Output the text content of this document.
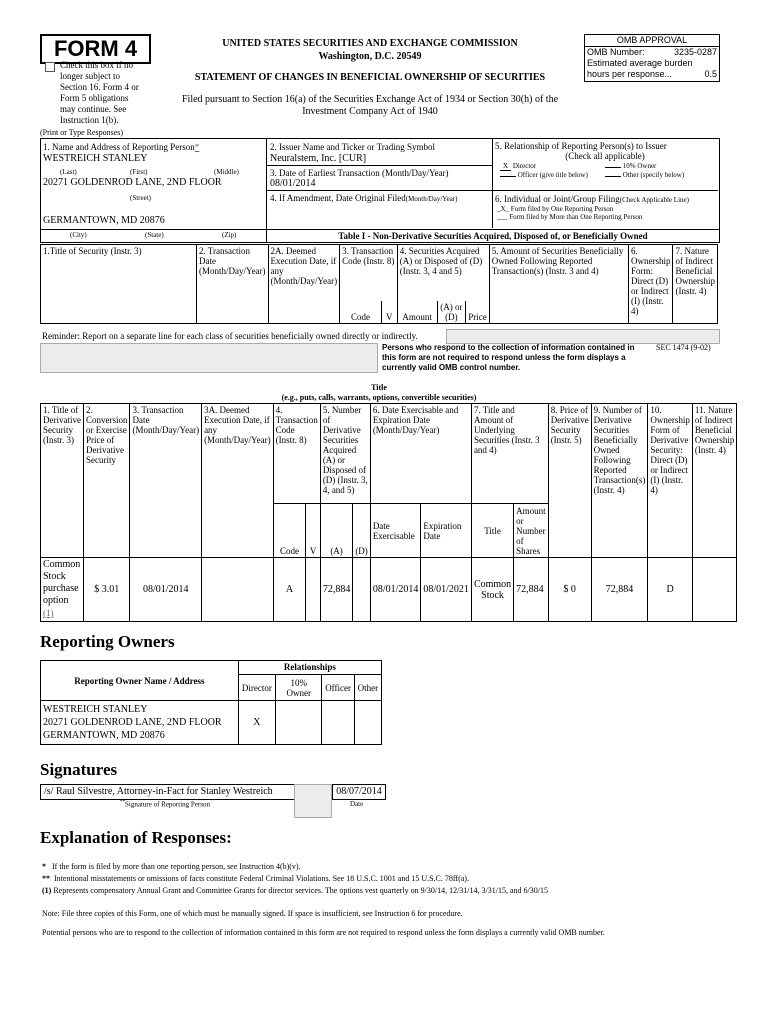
FORM 4
Check this box if no longer subject to Section 16. Form 4 or Form 5 obligations may continue. See Instruction 1(b).
UNITED STATES SECURITIES AND EXCHANGE COMMISSION
Washington, D.C. 20549
STATEMENT OF CHANGES IN BENEFICIAL OWNERSHIP OF SECURITIES
Filed pursuant to Section 16(a) of the Securities Exchange Act of 1934 or Section 30(h) of the
Investment Company Act of 1940
OMB APPROVAL
OMB Number:	3235-0287
Estimated average burden
hours per response...	0.5
(Print or Type Responses)
1. Name and Address of Reporting Person*
WESTREICH STANLEY
(Last)	(First)	(Middle)
20271 GOLDENROD LANE, 2ND FLOOR
(Street)
GERMANTOWN, MD 20876
2. Issuer Name and Ticker or Trading Symbol
Neuralstem, Inc. [CUR]
3. Date of Earliest Transaction (Month/Day/Year)
08/01/2014
4. If Amendment, Date Original Filed(Month/Day/Year)
5. Relationship of Reporting Person(s) to Issuer
(Check all applicable)
X Director	10% Owner
Officer (give title below)	Other (specify below)
6. Individual or Joint/Group Filing(Check Applicable Line)
_X_ Form filed by One Reporting Person
___ Form filed by More than One Reporting Person
(City)	(State)	(Zip)	Table I - Non-Derivative Securities Acquired, Disposed of, or Beneficially Owned
1.Title of Security (Instr. 3)	2. Transaction Date (Month/Day/Year)	2A. Deemed Execution Date, if any (Month/Day/Year)	3. Transaction Code (Instr. 8)		4. Securities Acquired (A) or Disposed of (D) (Instr. 3, 4 and 5)			5. Amount of Securities Beneficially Owned Following Reported Transaction(s) (Instr. 3 and 4)	6. Ownership Form: Direct (D) or Indirect (I) (Instr. 4)	7. Nature of Indirect Beneficial Ownership (Instr. 4)
			Code	V	Amount	(A) or (D)	Price			
Reminder: Report on a separate line for each class of securities beneficially owned directly or indirectly.
Persons who respond to the collection of information contained in this form are not required to respond unless the form displays a currently valid OMB control number.
SEC 1474 (9-02)
Title
(e.g., puts, calls, warrants, options, convertible securities)
1. Title of Derivative Security (Instr. 3)	2. Conversion or Exercise Price of Derivative Security	3. Transaction Date (Month/Day/Year)	3A. Deemed Execution Date, if any (Month/Day/Year)	4. Transaction Code (Instr. 8)		5. Number of Derivative Securities Acquired (A) or Disposed of (D) (Instr. 3, 4, and 5)		6. Date Exercisable and Expiration Date (Month/Day/Year)		7. Title and Amount of Underlying Securities (Instr. 3 and 4)		8. Price of Derivative Security (Instr. 5)	9. Number of Derivative Securities Beneficially Owned Following Reported Transaction(s) (Instr. 4)	10. Ownership Form of Derivative Security: Direct (D) or Indirect (I) (Instr. 4)	11. Nature of Indirect Beneficial Ownership (Instr. 4)
				Code	V	(A)	(D)	Date Exercisable	Expiration Date	Title	Amount or Number of Shares				
Common Stock purchase option
(1)	$ 3.01	08/01/2014		A		72,884		08/01/2014	08/01/2021	Common Stock	72,884	$ 0	72,884	D	
Reporting Owners
Reporting Owner Name / Address	Relationships			
	Director	10% Owner	Officer	Other

WESTREICH STANLEY
20271 GOLDENROD LANE, 2ND FLOOR
GERMANTOWN, MD 20876	X			
Signatures
/s/ Raul Silvestre, Attorney-in-Fact for Stanley Westreich	08/07/2014
**Signature of Reporting Person	Date
Explanation of Responses:
* If the form is filed by more than one reporting person, see Instruction 4(b)(v).
** Intentional misstatements or omissions of facts constitute Federal Criminal Violations. See 18 U.S.C. 1001 and 15 U.S.C. 78ff(a).
(1) Represents compensatory Annual Grant and Committee Grants for director services. The options vest quarterly on 9/30/14, 12/31/14, 3/31/15, and 6/30/15
Note: File three copies of this Form, one of which must be manually signed. If space is insufficient, see Instruction 6 for procedure.
Potential persons who are to respond to the collection of information contained in this form are not required to respond unless the form displays a currently valid OMB number.
